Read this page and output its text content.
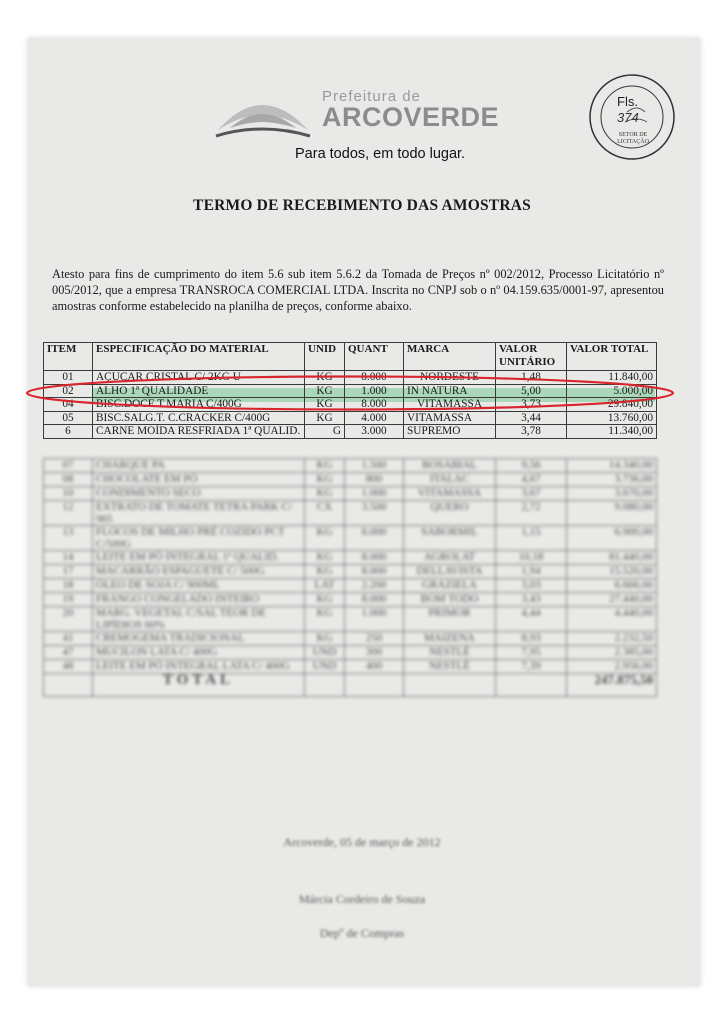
Prefeitura de
ARCOVERDE
Para todos, em todo lugar.
Fls.
374
SETOR DE LICITAÇÃO
TERMO DE RECEBIMENTO DAS AMOSTRAS
Atesto para fins de cumprimento do item 5.6 sub item 5.6.2 da Tomada de Preços nº 002/2012, Processo Licitatório nº 005/2012, que a empresa TRANSROCA COMERCIAL LTDA. Inscrita no CNPJ sob o nº 04.159.635/0001-97, apresentou amostras conforme estabelecido na planilha de preços, conforme abaixo.
ITEM	ESPECIFICAÇÃO DO MATERIAL	UNID	QUANT	MARCA	VALOR UNITÁRIO	VALOR TOTAL
01	AÇUCAR CRISTAL C/ 2KG U	KG	8.000	NORDESTE	1,48	11.840,00
02	ALHO 1ª QUALIDADE	KG	1.000	IN NATURA	5,00	5.000,00
04	BISC.DOCE T.MARIA C/400G	KG	8.000	VITAMASSA	3,73	29.840,00
05	BISC.SALG.T. C.CRACKER C/400G	KG	4.000	VITAMASSA	3,44	13.760,00
6	CARNE MOÍDA RESFRIADA 1ª QUALID.	G	3.000	SUPREMO	3,78	11.340,00
07	CHARQUE PA	KG	1.500	BOSABIAL	9,56	14.340,00
08	CHOCOLATE EM PÓ	KG	800	ITALAC	4,67	3.736,00
10	CONDIMENTO SECO	KG	1.000	VITAMASSA	3,67	3.670,00
12	EXTRATO DE TOMATE TETRA PARK C/ 965	CX	3.500	QUERO	2,72	9.080,00
13	FLOCOS DE MILHO PRÉ COZIDO PCT C/500G	KG	6.000	SABORMIL	1,15	6.900,00
14	LEITE EM PÓ INTEGRAL 1ª QUALID.	KG	8.000	AGROLAT	10,18	81.440,00
17	MACARRÃO ESPAGUETE C/ 500G	KG	8.000	DELLAVISTA	1,94	15.520,00
18	ÓLEO DE SOJA C/ 900ML	LAT	2.200	GRAZIELA	3,03	6.666,00
19	FRANGO CONGELADO INTEIRO	KG	8.000	BOM TODO	3,43	27.440,00
20	MARG. VEGETAL C/SAL TEOR DE LIPÍDIOS 60%	KG	1.000	PRIMOR	4,44	4.440,00
41	CREMOGEMA TRADICIONAL	KG	250	MAIZENA	8,93	2.232,50
47	MUCILON LATA C/ 400G	UND	300	NESTLÉ	7,95	2.385,00
48	LEITE EM PÓ INTEGRAL LATA C/ 400G	UND	400	NESTLÉ	7,39	2.956,00
	TOTAL					247.875,50
Arcoverde, 05 de março de 2012
Márcia Cordeiro de Souza
Depº de Compras
